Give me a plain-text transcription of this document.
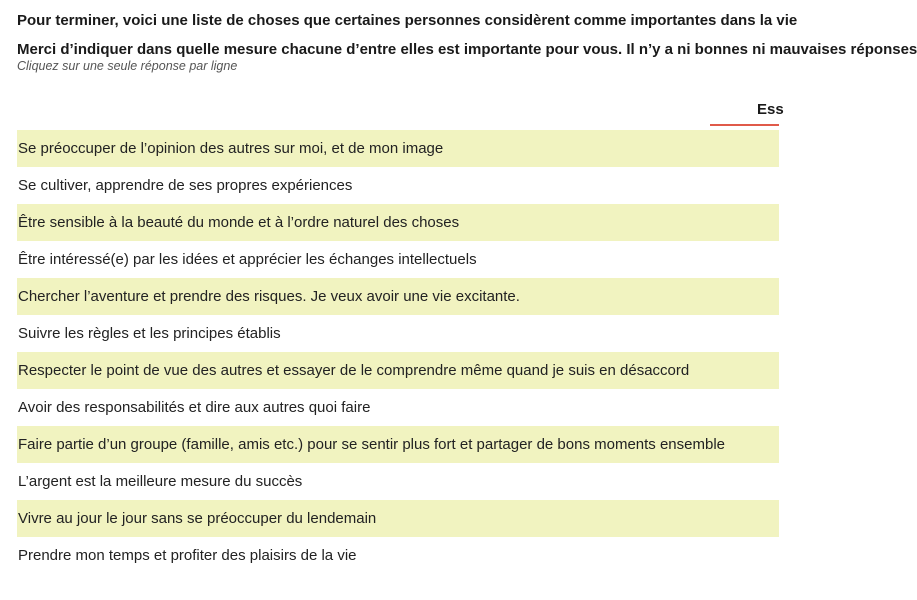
Pour terminer, voici une liste de choses que certaines personnes considèrent comme importantes dans la vie
Merci d’indiquer dans quelle mesure chacune d’entre elles est importante pour vous. Il n’y a ni bonnes ni mauvaises réponses
Cliquez sur une seule réponse par ligne
Ess
Se préoccuper de l’opinion des autres sur moi, et de mon image
Se cultiver, apprendre de ses propres expériences
Être sensible à la beauté du monde et à l’ordre naturel des choses
Être intéressé(e) par les idées et apprécier les échanges intellectuels
Chercher l’aventure et prendre des risques. Je veux avoir une vie excitante.
Suivre les règles et les principes établis
Respecter le point de vue des autres et essayer de le comprendre même quand je suis en désaccord
Avoir des responsabilités et dire aux autres quoi faire
Faire partie d’un groupe (famille, amis etc.) pour se sentir plus fort et partager de bons moments ensemble
L’argent est la meilleure mesure du succès
Vivre au jour le jour sans se préoccuper du lendemain
Prendre mon temps et profiter des plaisirs de la vie
